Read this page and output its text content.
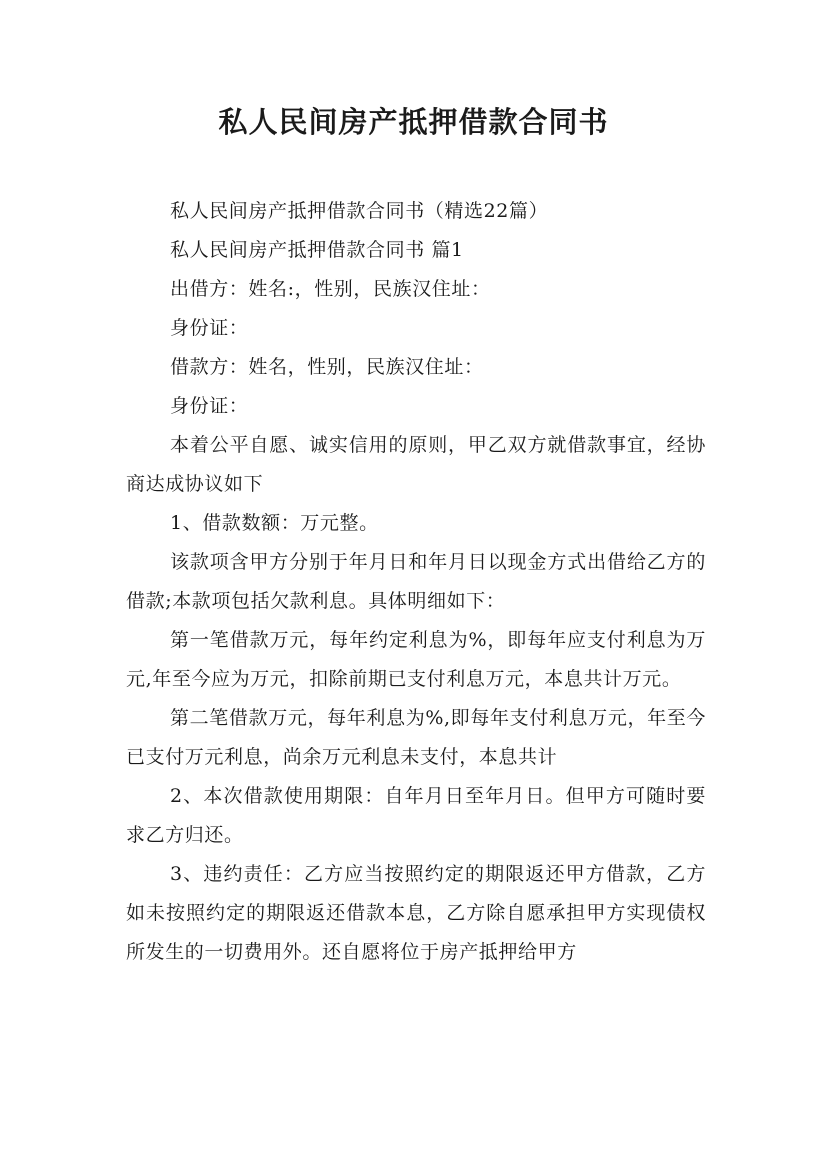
私人民间房产抵押借款合同书

私人民间房产抵押借款合同书（精选22篇）

私人民间房产抵押借款合同书 篇1

出借方：姓名:，性别，民族汉住址：

身份证：

借款方：姓名，性别，民族汉住址：

身份证：

本着公平自愿、诚实信用的原则，甲乙双方就借款事宜，经协商达成协议如下

1、借款数额：万元整。

该款项含甲方分别于年月日和年月日以现金方式出借给乙方的借款;本款项包括欠款利息。具体明细如下：

第一笔借款万元，每年约定利息为%，即每年应支付利息为万元,年至今应为万元，扣除前期已支付利息万元，本息共计万元。

第二笔借款万元，每年利息为%,即每年支付利息万元，年至今已支付万元利息，尚余万元利息未支付，本息共计

2、本次借款使用期限：自年月日至年月日。但甲方可随时要求乙方归还。

3、违约责任：乙方应当按照约定的期限返还甲方借款，乙方如未按照约定的期限返还借款本息，乙方除自愿承担甲方实现债权所发生的一切费用外。还自愿将位于房产抵押给甲方
